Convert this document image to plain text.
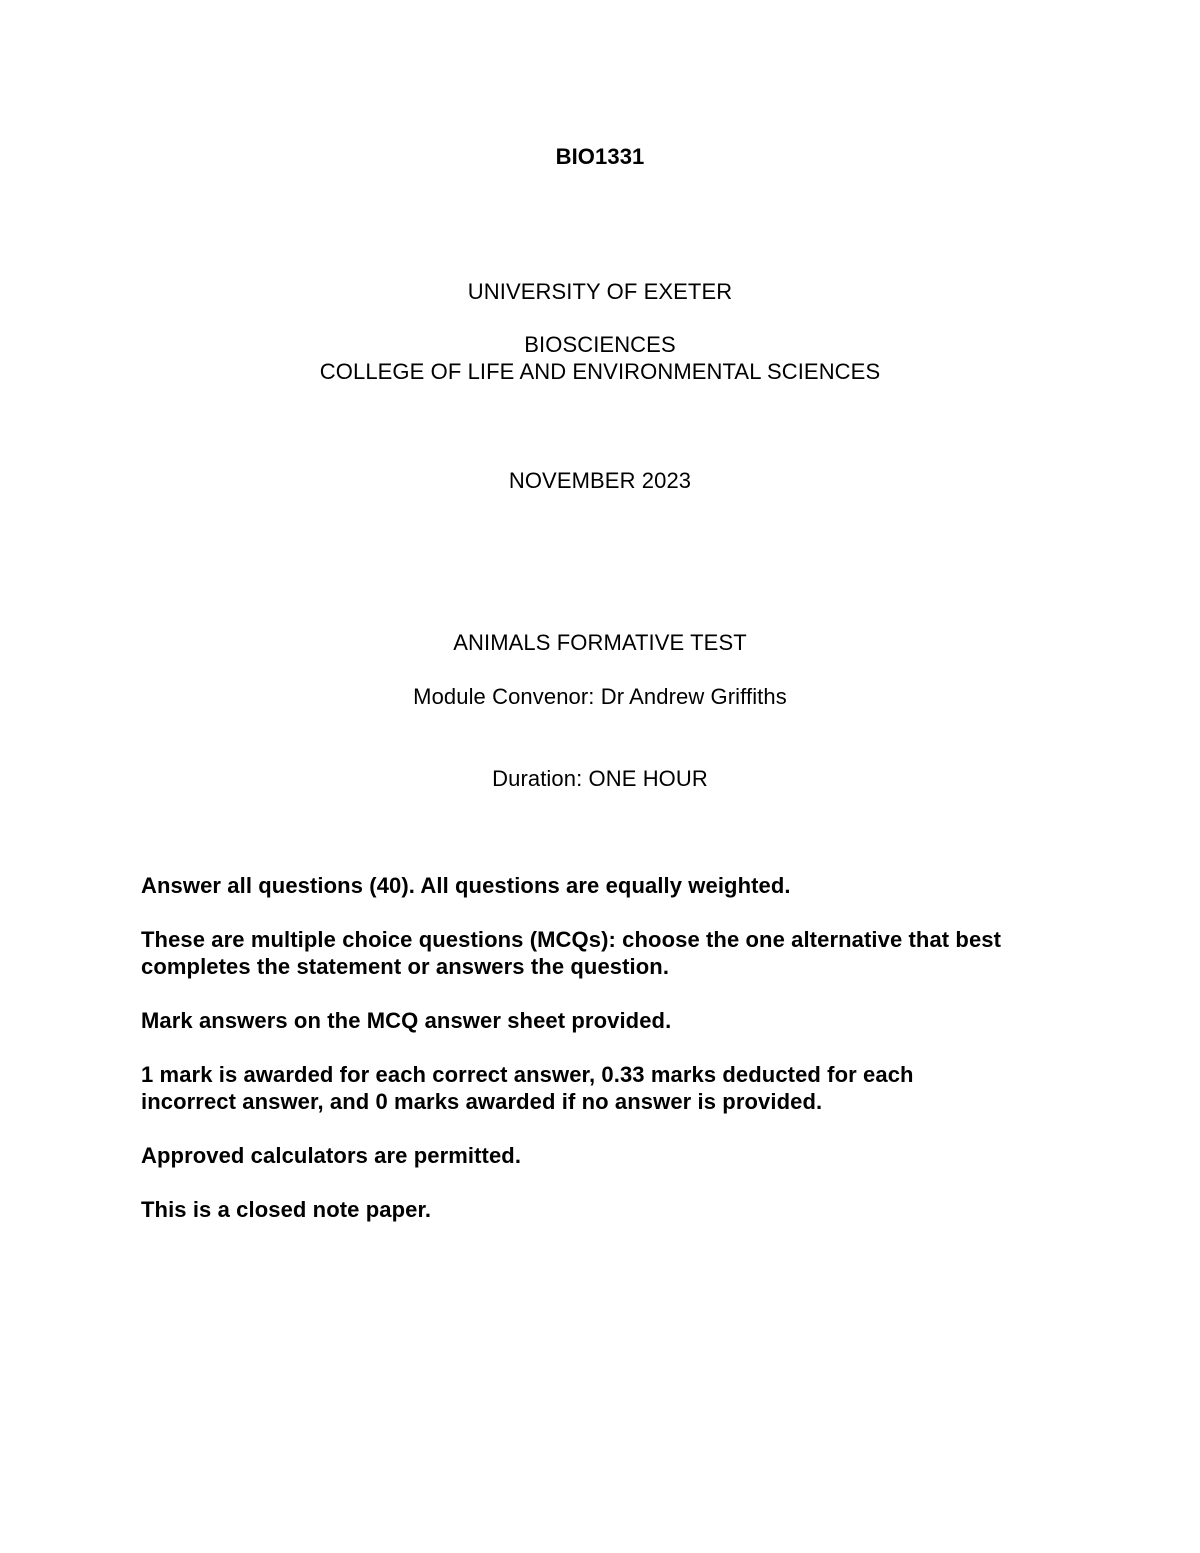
BIO1331
UNIVERSITY OF EXETER
BIOSCIENCES
COLLEGE OF LIFE AND ENVIRONMENTAL SCIENCES
NOVEMBER 2023
ANIMALS FORMATIVE TEST
Module Convenor: Dr Andrew Griffiths
Duration: ONE HOUR

Answer all questions (40). All questions are equally weighted.

These are multiple choice questions (MCQs): choose the one alternative that best completes the statement or answers the question.

Mark answers on the MCQ answer sheet provided.

1 mark is awarded for each correct answer, 0.33 marks deducted for each incorrect answer, and 0 marks awarded if no answer is provided.

Approved calculators are permitted.

This is a closed note paper.
